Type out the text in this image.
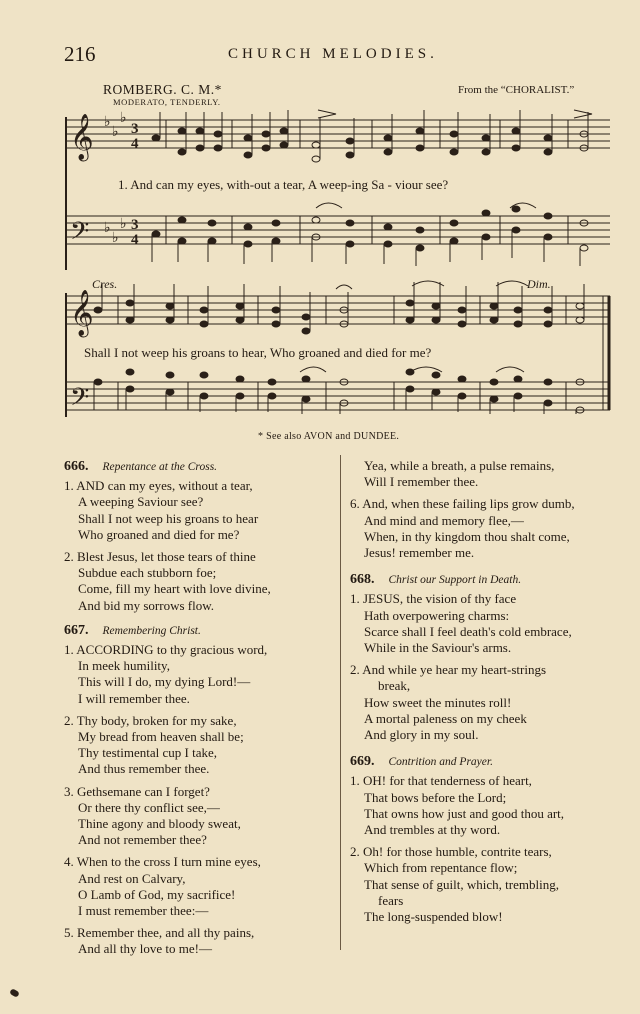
216	CHURCH MELODIES.
ROMBERG. C. M.*
MODERATO, TENDERLY.
From the “CHORALIST.”
𝄞
𝄢
𝄞
𝄢
♭
♭
♭
♭
♭
♭
3
4
3
4
1. And can my eyes, with-out a tear, A weep-ing Sa - viour see?
Cres.	Dim.
Shall I not weep his groans to hear, Who groaned and died for me?
* See also AVON and DUNDEE.
666. Repentance at the Cross.
1. AND can my eyes, without a tear,
A weeping Saviour see?
Shall I not weep his groans to hear
Who groaned and died for me?
2. Blest Jesus, let those tears of thine
Subdue each stubborn foe;
Come, fill my heart with love divine,
And bid my sorrows flow.
667. Remembering Christ.
1. ACCORDING to thy gracious word,
In meek humility,
This will I do, my dying Lord!—
I will remember thee.
2. Thy body, broken for my sake,
My bread from heaven shall be;
Thy testimental cup I take,
And thus remember thee.
3. Gethsemane can I forget?
Or there thy conflict see,—
Thine agony and bloody sweat,
And not remember thee?
4. When to the cross I turn mine eyes,
And rest on Calvary,
O Lamb of God, my sacrifice!
I must remember thee:—
5. Remember thee, and all thy pains,
And all thy love to me!—
Yea, while a breath, a pulse remains,
Will I remember thee.
6. And, when these failing lips grow dumb,
And mind and memory flee,—
When, in thy kingdom thou shalt come,
Jesus! remember me.
668. Christ our Support in Death.
1. JESUS, the vision of thy face
Hath overpowering charms:
Scarce shall I feel death's cold embrace,
While in the Saviour's arms.
2. And while ye hear my heart-strings
break,
How sweet the minutes roll!
A mortal paleness on my cheek
And glory in my soul.
669. Contrition and Prayer.
1. OH! for that tenderness of heart,
That bows before the Lord;
That owns how just and good thou art,
And trembles at thy word.
2. Oh! for those humble, contrite tears,
Which from repentance flow;
That sense of guilt, which, trembling,
fears
The long-suspended blow!
